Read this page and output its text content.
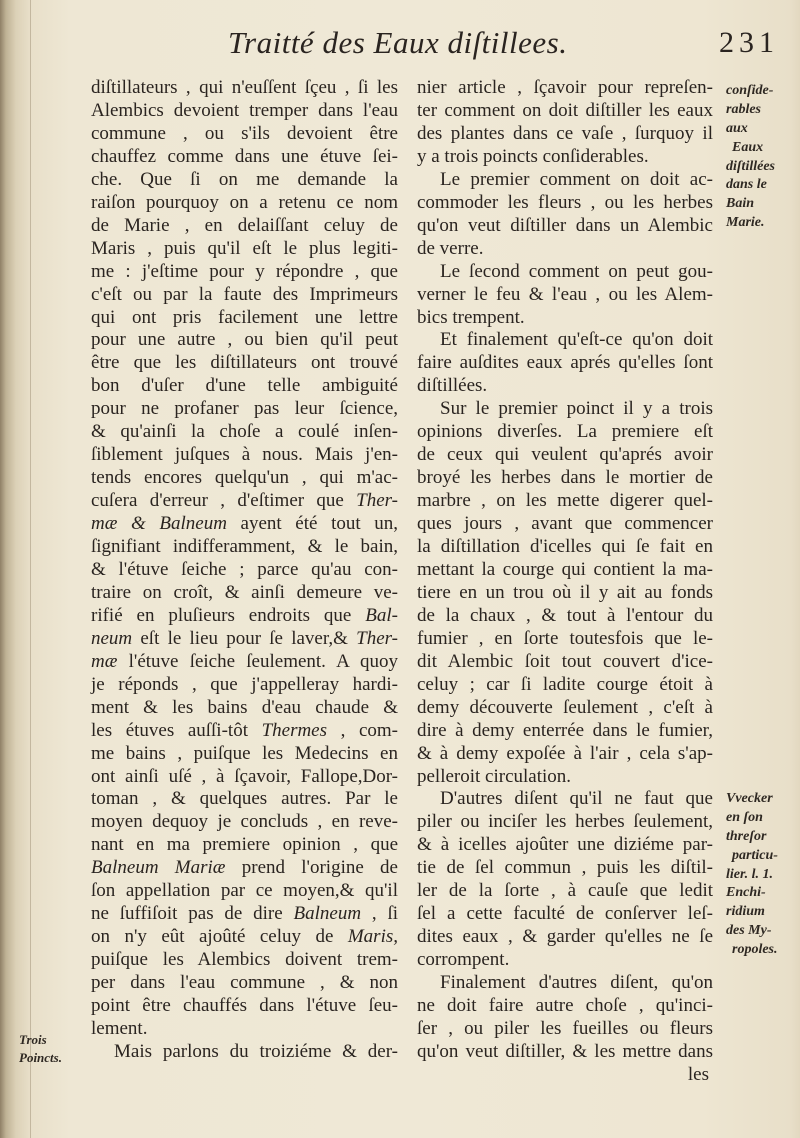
Traitté des Eaux diſtillees.	231
diſtillateurs , qui n'euſſent ſçeu , ſi les
Alembics devoient tremper dans l'eau
commune , ou s'ils devoient être
chauffez comme dans une étuve ſei-
che. Que ſi on me demande la
raiſon pourquoy on a retenu ce nom
de Marie , en delaiſſant celuy de
Maris , puis qu'il eſt le plus legiti-
me : j'eſtime pour y répondre , que
c'eſt ou par la faute des Imprimeurs
qui ont pris facilement une lettre
pour une autre , ou bien qu'il peut
être que les diſtillateurs ont trouvé
bon d'uſer d'une telle ambiguité
pour ne profaner pas leur ſcience,
& qu'ainſi la choſe a coulé inſen-
ſiblement juſques à nous. Mais j'en-
tends encores quelqu'un , qui m'ac-
cuſera d'erreur , d'eſtimer que Ther-
mæ & Balneum ayent été tout un,
ſignifiant indifferamment, & le bain,
& l'étuve ſeiche ; parce qu'au con-
traire on croît, & ainſi demeure ve-
rifié en pluſieurs endroits que Bal-
neum eſt le lieu pour ſe laver,& Ther-
mæ l'étuve ſeiche ſeulement. A quoy
je réponds , que j'appelleray hardi-
ment & les bains d'eau chaude &
les étuves auſſi-tôt Thermes , com-
me bains , puiſque les Medecins en
ont ainſi uſé , à ſçavoir, Fallope,Dor-
toman , & quelques autres. Par le
moyen dequoy je concluds , en reve-
nant en ma premiere opinion , que
Balneum Mariæ prend l'origine de
ſon appellation par ce moyen,& qu'il
ne ſuffiſoit pas de dire Balneum , ſi
on n'y eût ajoûté celuy de Maris,
puiſque les Alembics doivent trem-
per dans l'eau commune , & non
point être chauffés dans l'étuve ſeu-
lement.
Mais parlons du troiziéme & der-
les
nier article , ſçavoir pour repreſen-
ter comment on doit diſtiller les eaux
des plantes dans ce vaſe , ſurquoy il
y a trois poincts conſiderables.
Le premier comment on doit ac-
commoder les fleurs , ou les herbes
qu'on veut diſtiller dans un Alembic
de verre.
Le ſecond comment on peut gou-
verner le feu & l'eau , ou les Alem-
bics trempent.
Et finalement qu'eſt-ce qu'on doit
faire auſdites eaux aprés qu'elles ſont
diſtillées.
Sur le premier poinct il y a trois
opinions diverſes. La premiere eſt
de ceux qui veulent qu'aprés avoir
broyé les herbes dans le mortier de
marbre , on les mette digerer quel-
ques jours , avant que commencer
la diſtillation d'icelles qui ſe fait en
mettant la courge qui contient la ma-
tiere en un trou où il y ait au fonds
de la chaux , & tout à l'entour du
fumier , en ſorte toutesfois que le-
dit Alembic ſoit tout couvert d'ice-
celuy ; car ſi ladite courge étoit à
demy découverte ſeulement , c'eſt à
dire à demy enterrée dans le fumier,
& à demy expoſée à l'air , cela s'ap-
pelleroit circulation.
D'autres diſent qu'il ne faut que
piler ou inciſer les herbes ſeulement,
& à icelles ajoûter une diziéme par-
tie de ſel commun , puis les diſtil-
ler de la ſorte , à cauſe que ledit
ſel a cette faculté de conſerver leſ-
dites eaux , & garder qu'elles ne ſe
corrompent.
Finalement d'autres diſent, qu'on
ne doit faire autre choſe , qu'inci-
ſer , ou piler les fueilles ou fleurs
qu'on veut diſtiller, & les mettre dans
Trois
Poincts.
conſide-
rables
aux
Eaux
diſtillées
dans le
Bain
Marie.
Vvecker
en ſon
threſor
particu-
lier. l. 1.
Enchi-
ridium
des My-
ropoles.
